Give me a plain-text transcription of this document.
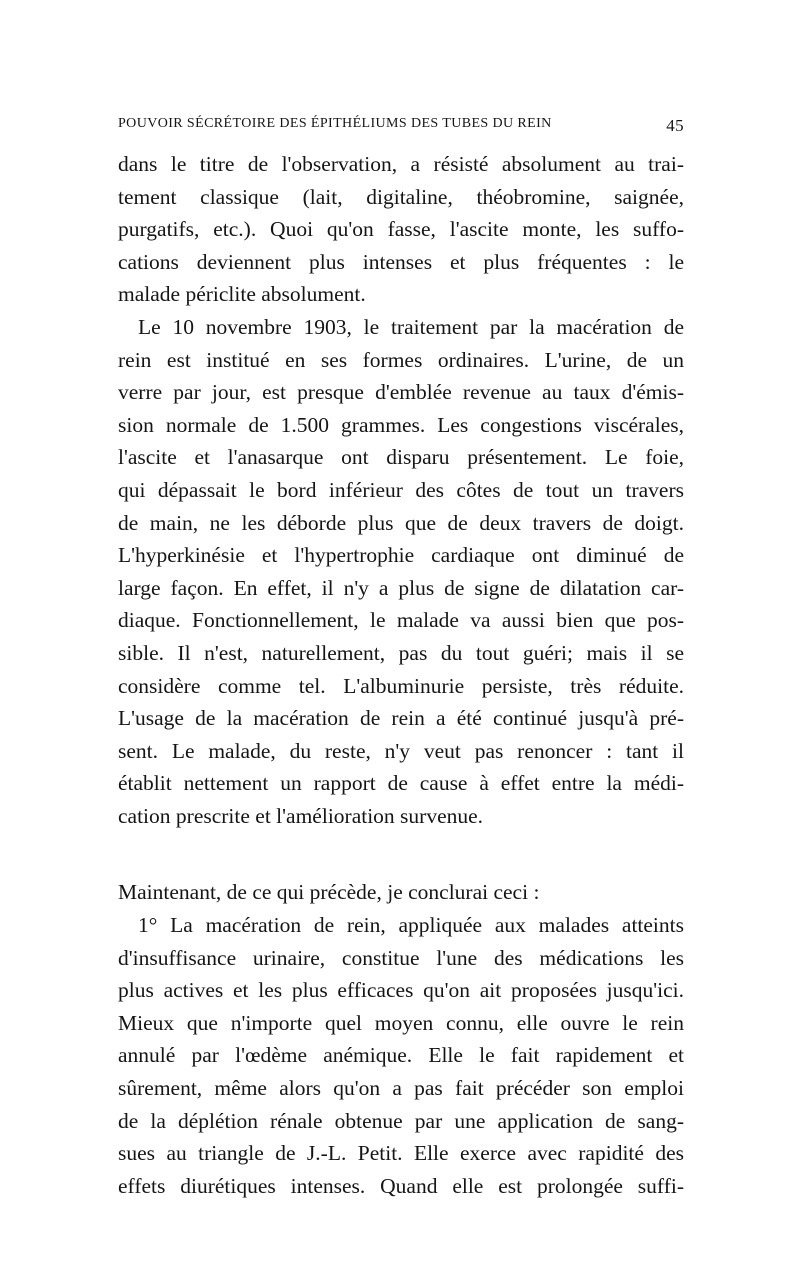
POUVOIR SÉCRÉTOIRE DES ÉPITHÉLIUMS DES TUBES DU REIN	45
dans le titre de l'observation, a résisté absolument au trai-
tement classique (lait, digitaline, théobromine, saignée,
purgatifs, etc.). Quoi qu'on fasse, l'ascite monte, les suffo-
cations deviennent plus intenses et plus fréquentes : le
malade périclite absolument.
Le 10 novembre 1903, le traitement par la macération de
rein est institué en ses formes ordinaires. L'urine, de un
verre par jour, est presque d'emblée revenue au taux d'émis-
sion normale de 1.500 grammes. Les congestions viscérales,
l'ascite et l'anasarque ont disparu présentement. Le foie,
qui dépassait le bord inférieur des côtes de tout un travers
de main, ne les déborde plus que de deux travers de doigt.
L'hyperkinésie et l'hypertrophie cardiaque ont diminué de
large façon. En effet, il n'y a plus de signe de dilatation car-
diaque. Fonctionnellement, le malade va aussi bien que pos-
sible. Il n'est, naturellement, pas du tout guéri; mais il se
considère comme tel. L'albuminurie persiste, très réduite.
L'usage de la macération de rein a été continué jusqu'à pré-
sent. Le malade, du reste, n'y veut pas renoncer : tant il
établit nettement un rapport de cause à effet entre la médi-
cation prescrite et l'amélioration survenue.
Maintenant, de ce qui précède, je conclurai ceci :
1° La macération de rein, appliquée aux malades atteints
d'insuffisance urinaire, constitue l'une des médications les
plus actives et les plus efficaces qu'on ait proposées jusqu'ici.
Mieux que n'importe quel moyen connu, elle ouvre le rein
annulé par l'œdème anémique. Elle le fait rapidement et
sûrement, même alors qu'on a pas fait précéder son emploi
de la déplétion rénale obtenue par une application de sang-
sues au triangle de J.-L. Petit. Elle exerce avec rapidité des
effets diurétiques intenses. Quand elle est prolongée suffi-
